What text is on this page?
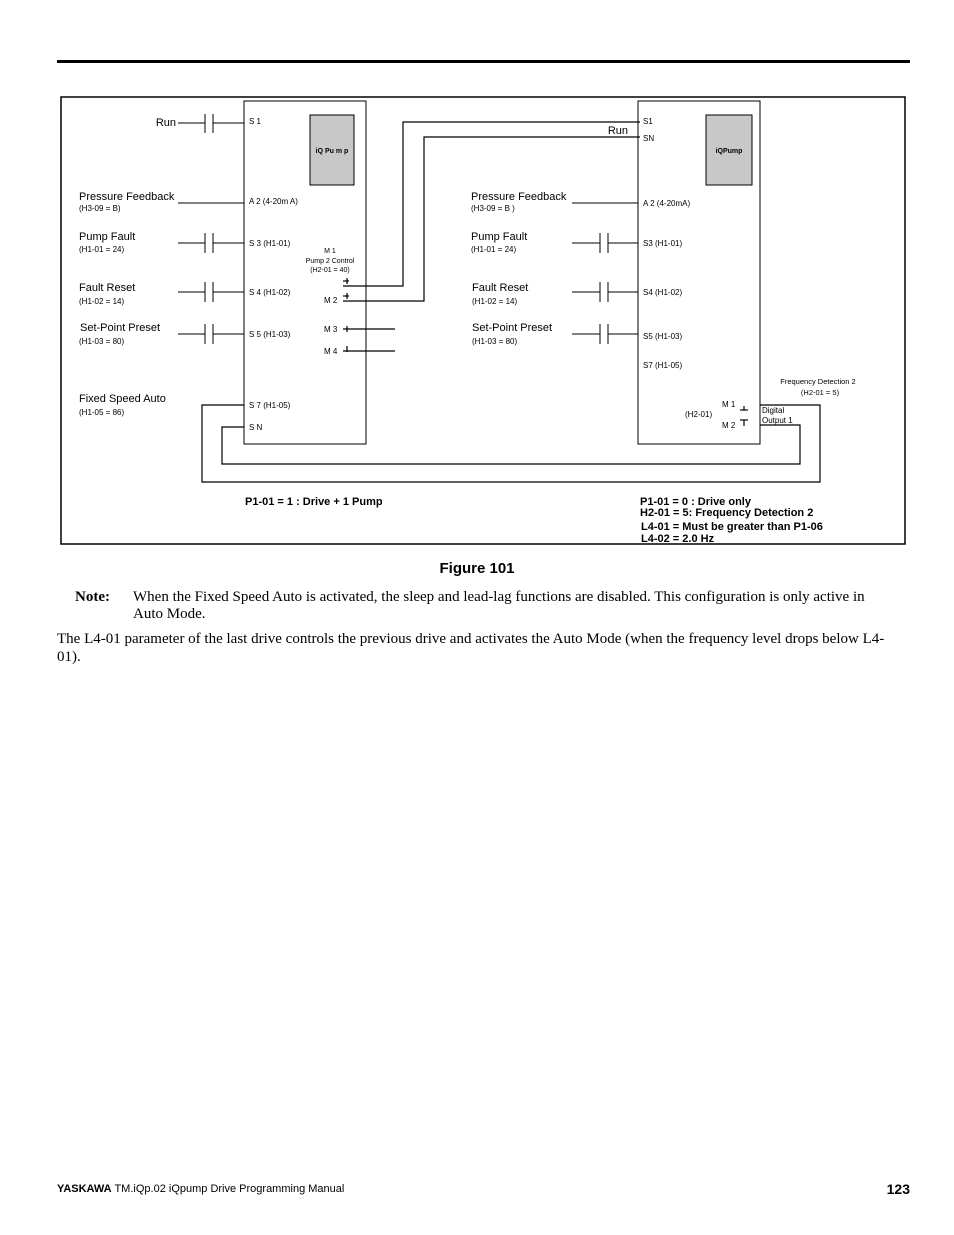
iQ Pu m p
S 1
A 2 (4-20m A)
S 3 (H1-01)
S 4 (H1-02)
S 5 (H1-03)
S 7 (H1-05)
S N
M 1
Pump 2 Control
(H2-01 = 40)
M 2
M 3
M 4
Run
Pressure Feedback
(H3-09 = B)
Pump Fault
(H1-01 = 24)
Fault Reset
(H1-02 = 14)
Set-Point Preset
(H1-03 = 80)
Fixed Speed Auto
(H1-05 = 86)
P1-01 = 1 : Drive + 1 Pump
iQPump
S1
SN
A 2 (4-20mA)
S3 (H1-01)
S4 (H1-02)
S5 (H1-03)
S7 (H1-05)
M 1
M 2
(H2-01)	Digital
Output 1
Frequency Detection 2
(H2-01 = 5)
Run
Pressure Feedback
(H3-09 = B )
Pump Fault
(H1-01 = 24)
Fault Reset
(H1-02 = 14)
Set-Point Preset
(H1-03 = 80)
P1-01 = 0 : Drive only
H2-01 = 5: Frequency Detection 2
L4-01 = Must be greater than P1-06
L4-02 = 2.0 Hz
Figure 101
Note: When the Fixed Speed Auto is activated, the sleep and lead-lag functions are disabled. This configuration is only active in Auto Mode.
The L4-01 parameter of the last drive controls the previous drive and activates the Auto Mode (when the frequency level drops below L4-01).
YASKAWA TM.iQp.02 iQpump Drive Programming Manual	123
